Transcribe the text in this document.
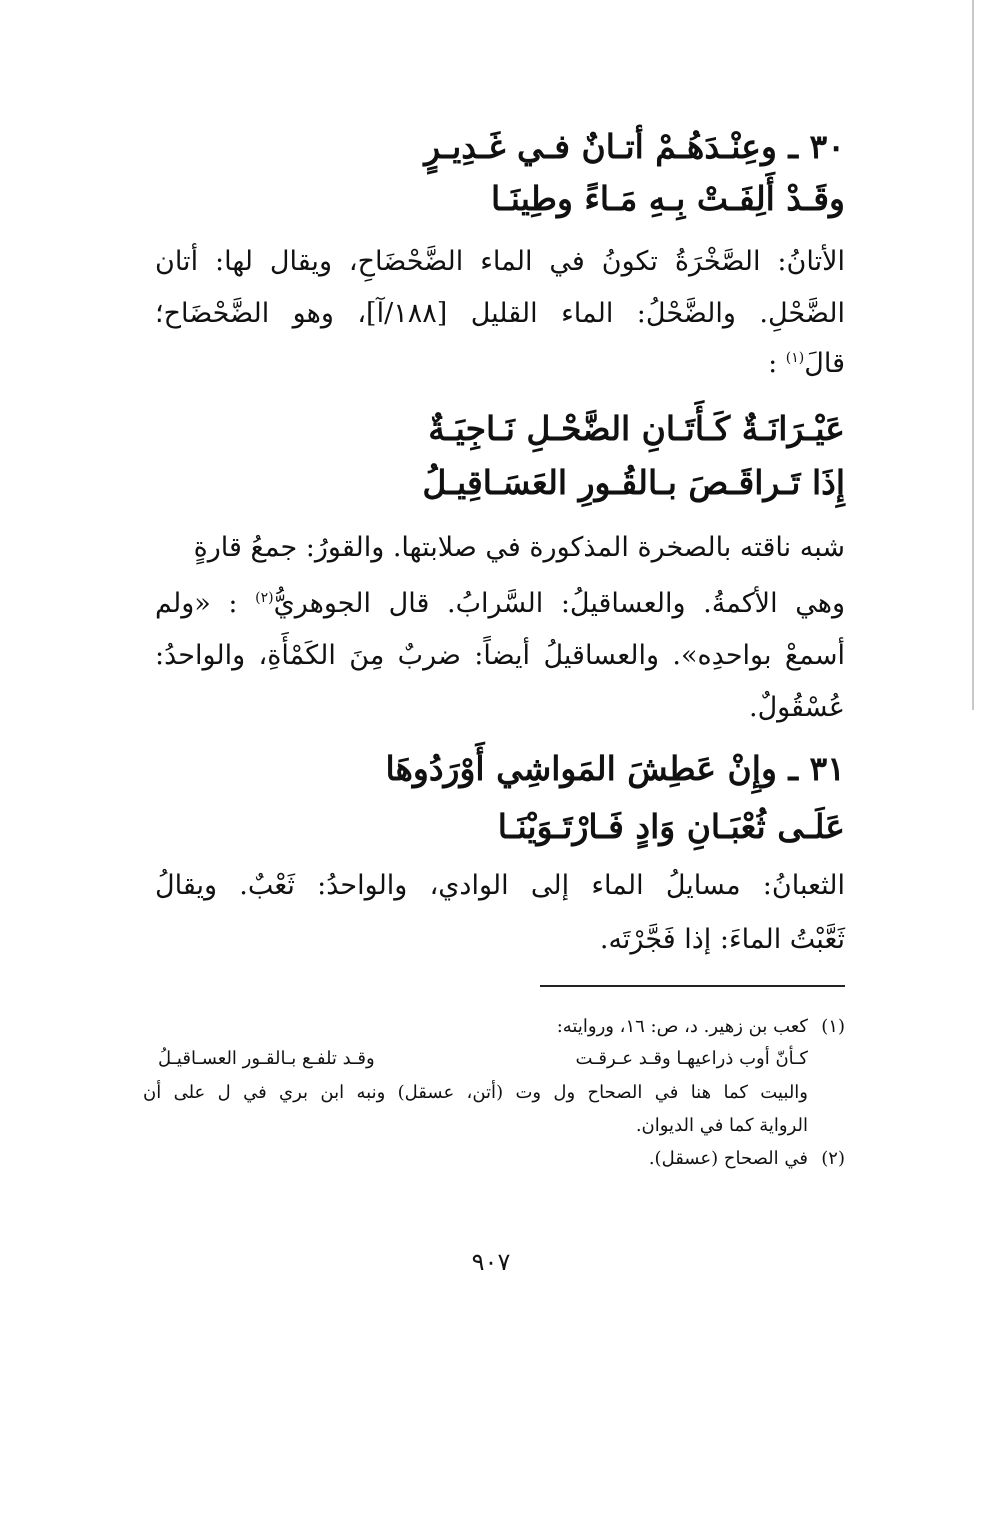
٣٠ ـ وعِنْـدَهُـمْ أتـانٌ فـي غَـدِيـرٍ
وقَـدْ أَلِفَـتْ بِـهِ مَـاءً وطِينَـا
الأتانُ: الصَّخْرَةُ تكونُ في الماء الضَّحْضَاحِ، ويقال لها: أتان
الضَّحْلِ. والضَّحْلُ: الماء القليل [١٨٨/آ]، وهو الضَّحْضَاح؛
قالَ$^{(١)}$ :
عَيْـرَانَـةٌ كَـأَتَـانِ الضَّحْـلِ نَـاجِيَـةٌ
إِذَا تَـراقَـصَ بـالقُـورِ العَسَـاقِيـلُ
شبه ناقته بالصخرة المذكورة في صلابتها. والقورُ: جمعُ قارةٍ
وهي الأكمةُ. والعساقيلُ: السَّرابُ. قال الجوهريُّ$^{(٢)}$ : «ولم
أسمعْ بواحدِه». والعساقيلُ أيضاً: ضربٌ مِنَ الكَمْأَةِ، والواحدُ:
عُسْقُولٌ.
٣١ ـ وإِنْ عَطِشَ المَواشِي أَوْرَدُوهَا
عَلَـى ثُعْبَـانِ وَادٍ فَـارْتَـوَيْنَـا
الثعبانُ: مسايلُ الماء إلى الوادي، والواحدُ: ثَعْبٌ. ويقالُ
ثَعَّبْتُ الماءَ: إذا فَجَّرْتَه.
(١)
كعب بن زهير. د، ص: ١٦، وروايته:
كـأنّ أوب ذراعيهـا وقـد عـرقـت
وقـد تلفـع بـالقـور العسـاقيـلُ
والبيت كما هنا في الصحاح ول وت (أتن، عسقل) ونبه ابن بري في ل على أن
الرواية كما في الديوان.
(٢)
في الصحاح (عسقل).
٩٠٧
